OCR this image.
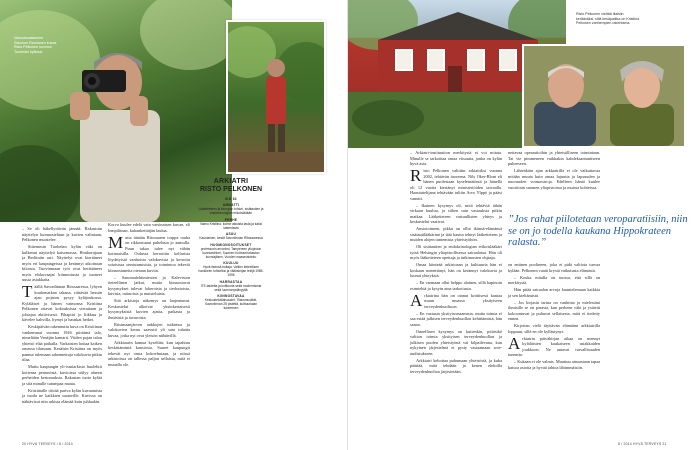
Vakuutusasiamies Salomon Rauhanen kuvaa Risto Pelkosen luonnon Tuohelan kylässä.

– Se oli häkellyttävän jännää. Rakastuin näyttelyn luonnosteluun ja kuvien valintaan, Pelkonen muistelee.

Sittemmin Tuohelan kylän väki on kulkenut näyttelyä katsomassa, Houkorujaan ja Berliiniin asti. Näyttelyt ovat kiertäneet myös eri kaupungeissa ja kerännyt aikoinaan kiitosta. Tuovinmaan työt ovat herättäneet myös elokuvaajat kiinnostusta ja tuoneet uusia asiakkaita.

Täällä Savonlinnan Ritosaaressa, lyhyen kuulomatkan takana, riittävää hessän ajan pojaton pysyy kyläjoukossa. Kyläläiset ja hänen vaimonsa Kristiina Pelkonen ottavat kokouksissa vieraitaan ja johtajaa aktiivisesti. Pihapiiri jo liikkuu ja kävelee kahvilla, hymyt ja hauskat hetket.

Keskipäivän rakennuttu kuva on Kristiinan vanhemmat vuonna 1946 piirtämä talo, nimeltään Venäjän kamarit. Viiden pojan talon yhteisö elää paikalla. Varkaisten hoitaa kaiken omassa tilassaan. Kesäisin Kristiina on myös pannut tulemaan rakennettuja valokuvia pitkin tilaa.

Muttu kaupungin yli-ismiarkisto huolehtii kotiensa perinnöstä, kuvioissa säilyy alueen perheiden kertomuksia. Rakastan tuota kylää ja sitä minulle tutumpaa maata.

Kristiinalle riittää pariva kylän kuvaamista ja tuoda ne kaikkien saataville. Kuvissa on nähtävissä niin arkista elämää kuin juhlaakin.

Korva kuulee edelä vain varsinaisen kuvan, eli lempiliinan, kuhankeittäjän laulua.

Mutta tänään Ritosaaren torppa rauha on rikkoutunut puheluun jo aamulla. Puun takaa tulee nyt vähän kotimaisilla. Oulussa kerrottiin kellarista löydetyistä vanhoista valokuvista ja kerrottu sotaisissa onnistumisista, ja toimintoa tekeviä kiinnostuneita otetaan kuviin.

– Sanomalehtimiesten ja Kaleviston tieteellinen jatkui, mutta kiinnostavat kysymykset tulevat lokeroista ja tiedostoista, kuvista, tarinoista ja muisteluista.

Sitä arkistoja näkemys on laajentunut. Keskustelut alkoivat yksinkertaisesti kysymyksistä kuvien ajasta, paikasta ja ihmisistä ja tavaroista.

Ritsimaanjärven aukkojen tutkimus ja valokuvien keruu saavutti yli sata tuhatta kuvaa, jotka nyt ovat yleisön nähtävillä.

Arkkiaarin kamua kyseltiin, kun tapahtuu keskittämästä kansiosta. Suuret kaupungit tekevät nyt omia kokoelmiaan, ja niissä arkistoissa on tallessa paljon sellaista, mitä ei muualla ole.

ARKIATRI
RISTO PELKONEN
IKÄ 62
AMMATTI
Lääketieteen ja kirurgian tohtori, sisätautien ja endokrinologian erikoislääkäri
PERHE
Vaimo Kristiina, kolme aikuista lasta ja kaksi lastenlasta
ASUU
Kauniainen, kesät Savonlinnan Ritosaaressa
HUOMIONOSOITUKSET
professorin arvonimi, Tampereen yliopiston kunniatohtori, Suomen Kulttuurirahaston kunniajäsen, Vuoden maaseututeko
KUULUU
Hyvä itsensä hoitaja, Valtion tieteellisen hankkeen tohtoriksi ja väitöskirjan tekijä 1985-1996
HARRASTAA
ITE-taidetta ja kulttuuria sekä modernismia sekä luonnonystävyyttä
KIINNOSTAVAA
Keskustelutilaisuudet, Tilausmusiikki, Savonlinnan 25 pistettä, kulttuurialan tukeminen
20 HYVÄ TERVEYS / 8 / 2014
Risto Pelkonen viettää tilaisiin kerääväksi, sillä kesäpaikka on Kristiina Pelkosen vanhempien rakentama.

– Arkiatri-instituution merkitystä ei voi mitata. Minulle se tarkoittaa omaa viisautta, jonka on kylän hyvä asia.

Risto Pelkonen valittiin arkiatriksi vuonna 2002, tehtävän tuoreena. Nils Oker-Blom eli hänen puolestaan kyselemätöntä ja hänellä oli 12 vuotta kiertänyt ministeriöiden taivaalla. Haastattelijana tehtävään tultiin Arvo Ylppö ja pääsi vanutti.

– Ikuinen kysymys oli, mitä tehtäviä tähän virkaan kuuluu, ja siihen sain vastauksia pitkin matkaa. Lääketieteen vastuullisten yhteys ja keskustelut vaativat.

Ansiotoimeni, pikku on ollut ikänsä-elämänsä sisätautilääkärinä ja tätä kautta tehnyt lääketieteen ja muiden alojen tuntemista yhteistyöhön.

Oli sisätautien ja endokrinologian erikoislääkäri työtä Helsingin yliopistollisessa sairaalassa. Hän oli myös lääketieteen opettaja ja tutkimusten ohjaaja.

Omaa kiinteää arkistoaan ja kulttuuria hän ei koskaan menettänyt, hän on kerännyt valokuvia ja luonut yhteyksiä.

– En varmaan ollut helppo alainen, sillä kapinoin esimiehiä ja kysyin aina tarkoitusta.

Arkiatrina hän on otanut kriittisesti kantaa muun muassa yksityiseen terveydenhuoltoon.

– En vastusta yksityisrasaamista, mutta toimia ei saa estää julkisen terveydenhuollon kehittämistä, hän sanoo.

Onnellisen kysymys on kuitenkin, pitäisikö valtion toimia yksityisen terveydenhuollon ja julkisen puolen yhteistyönä vai kilpailevana, kun nykyinen järjestelmä ei pysty vastaamaan sote-uudistukseen.

Arkkiatri kehottaa puhumaan yhteisöstä, ja kuka päättää, mitä tehdään ja kenen ehdoilla terveydenhuoltoa järjestetään.

nettavaa operaatioihin ja yhteisölliseen toimintaan. Tai vie pimmeneen vaikkakin kahdeksantuntiseen puheeseen.

Lähteäkäin ajan arkkiatrilla ei ole vaikuttavaa mitään muuta kuin omaa lujuutta ja lapsuuden ja nuoruuden voimavaroja. Edelleen häntä kuulee vuosittain suomen yliopistoissa ja muissa kohteissa.

”Jos rahat piilotetaan veroparatiisiin, niin se on jo todella kaukana Hippokrateen ralasta.”

on entinen poolineen, joka ei pidä valtiota turvaa kylään. Pelkonen vaatii krystä vaikutusta elämästä.

– Kouka mitalla on tuossa, että sillä on merkitystä.

Hän pitää sairaalan arvoja kuuntelemaan kaikkia ja sen kieltämistä.

– Jos kirjasin tarina on vanhinta ja mielestäni ihmisille se on parasta, kun perheen väki ja ystävät kokoontuvat ja puhuvat sellaisesta, mitä ei tiedetty ennen.

Kirjoitan vielä täyttävän elämääni arkkiatrilla loppuun, sillä en ole kyllästynyt.

Arkiatrin päiväkirjan aikaa on mennyt kyläläisten kaukaiseen asiakkaiden joukkoon. Ne antavat turvallisuuden tunnetta.

– Kukaan ei ole valmis. Muuttuu ainoastaan tapaa katsoa asioita ja hyvää tahtoa lähimmäisiin.

8 / 2014 HYVÄ TERVEYS 21
